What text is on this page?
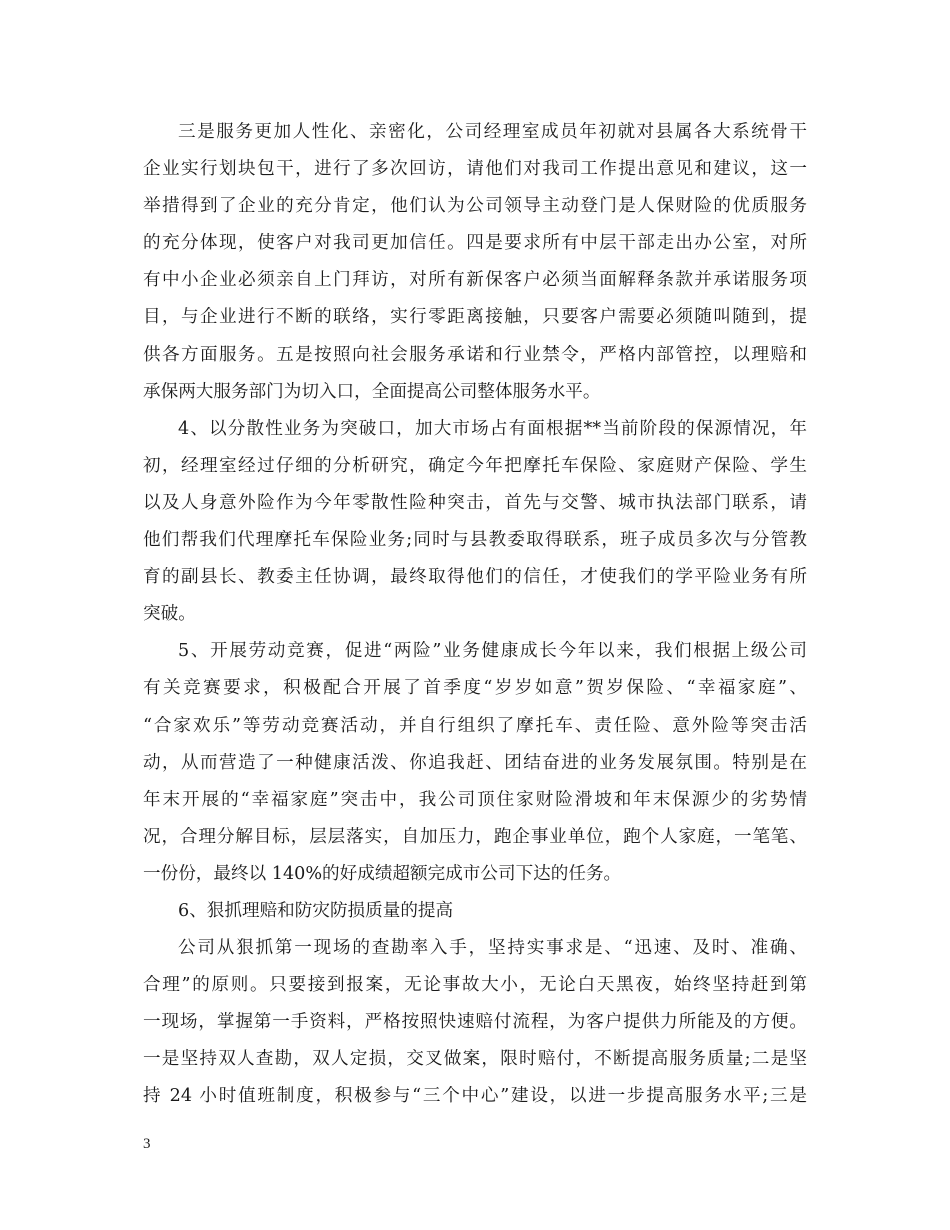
三是服务更加人性化、亲密化，公司经理室成员年初就对县属各大系统骨干
企业实行划块包干，进行了多次回访，请他们对我司工作提出意见和建议，这一
举措得到了企业的充分肯定，他们认为公司领导主动登门是人保财险的优质服务
的充分体现，使客户对我司更加信任。四是要求所有中层干部走出办公室，对所
有中小企业必须亲自上门拜访，对所有新保客户必须当面解释条款并承诺服务项
目，与企业进行不断的联络，实行零距离接触，只要客户需要必须随叫随到，提
供各方面服务。五是按照向社会服务承诺和行业禁令，严格内部管控，以理赔和
承保两大服务部门为切入口，全面提高公司整体服务水平。
4、以分散性业务为突破口，加大市场占有面根据**当前阶段的保源情况，年
初，经理室经过仔细的分析研究，确定今年把摩托车保险、家庭财产保险、学生
以及人身意外险作为今年零散性险种突击，首先与交警、城市执法部门联系，请
他们帮我们代理摩托车保险业务;同时与县教委取得联系，班子成员多次与分管教
育的副县长、教委主任协调，最终取得他们的信任，才使我们的学平险业务有所
突破。
5、开展劳动竞赛，促进“两险”业务健康成长今年以来，我们根据上级公司
有关竞赛要求，积极配合开展了首季度“岁岁如意”贺岁保险、“幸福家庭”、
“合家欢乐”等劳动竞赛活动，并自行组织了摩托车、责任险、意外险等突击活
动，从而营造了一种健康活泼、你追我赶、团结奋进的业务发展氛围。特别是在
年末开展的“幸福家庭”突击中，我公司顶住家财险滑坡和年末保源少的劣势情
况，合理分解目标，层层落实，自加压力，跑企事业单位，跑个人家庭，一笔笔、
一份份，最终以 140%的好成绩超额完成市公司下达的任务。
6、狠抓理赔和防灾防损质量的提高
公司从狠抓第一现场的查勘率入手，坚持实事求是、“迅速、及时、准确、
合理”的原则。只要接到报案，无论事故大小，无论白天黑夜，始终坚持赶到第
一现场，掌握第一手资料，严格按照快速赔付流程，为客户提供力所能及的方便。
一是坚持双人查勘，双人定损，交叉做案，限时赔付，不断提高服务质量;二是坚
持 24 小时值班制度，积极参与“三个中心”建设，以进一步提高服务水平;三是
3
